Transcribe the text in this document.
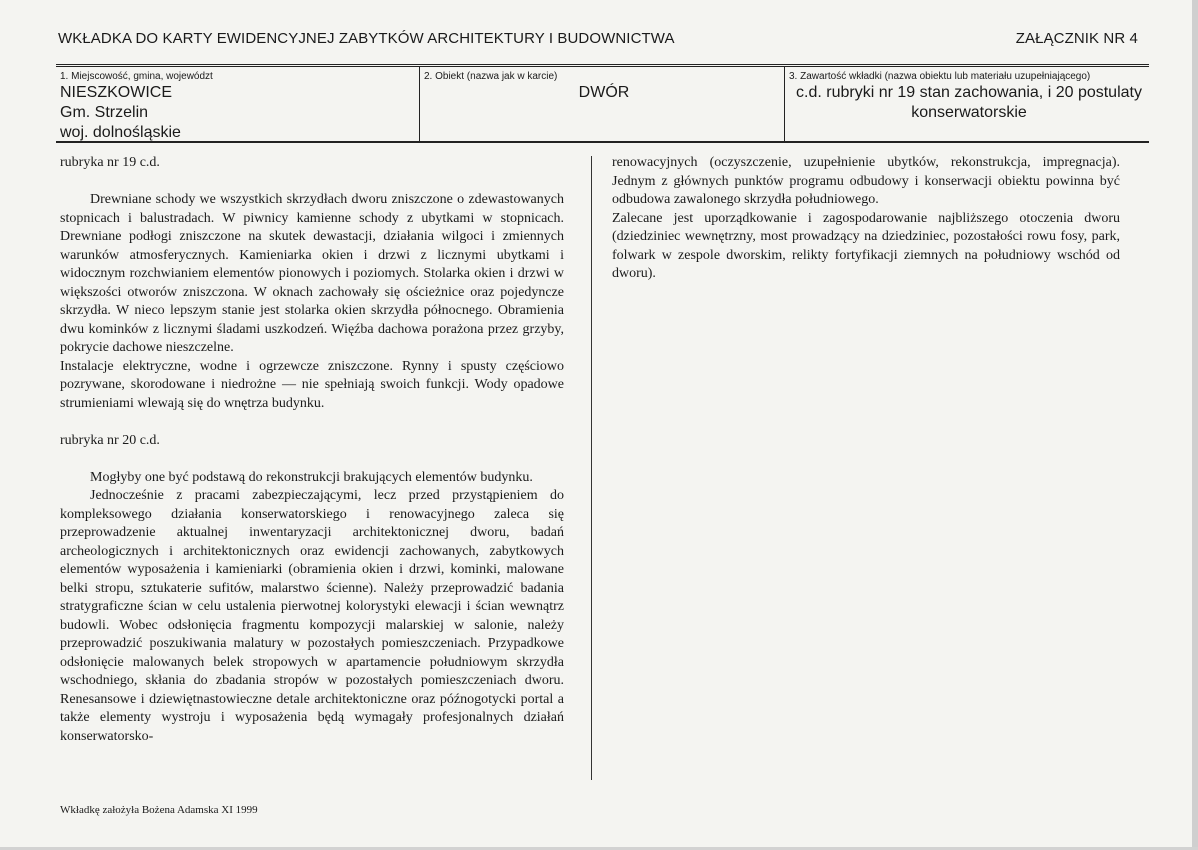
WKŁADKA DO KARTY EWIDENCYJNEJ ZABYTKÓW ARCHITEKTURY I BUDOWNICTWA	ZAŁĄCZNIK NR 4
1. Miejscowość, gmina, województ
NIESZKOWICE
Gm. Strzelin
woj. dolnośląskie
2. Obiekt (nazwa jak w karcie)
DWÓR
3. Zawartość wkładki (nazwa obiektu lub materiału uzupełniającego)
c.d. rubryki nr 19 stan zachowania, i 20 postulaty
konserwatorskie

rubryka nr 19 c.d.

Drewniane schody we wszystkich skrzydłach dworu zniszczone o zdewastowanych stopnicach i balustradach. W piwnicy kamienne schody z ubytkami w stopnicach. Drewniane podłogi zniszczone na skutek dewastacji, działania wilgoci i zmiennych warunków atmosferycznych. Kamieniarka okien i drzwi z licznymi ubytkami i widocznym rozchwianiem elementów pionowych i poziomych. Stolarka okien i drzwi w większości otworów zniszczona. W oknach zachowały się ościeżnice oraz pojedyncze skrzydła. W nieco lepszym stanie jest stolarka okien skrzydła północnego. Obramienia dwu kominków z licznymi śladami uszkodzeń. Więźba dachowa porażona przez grzyby, pokrycie dachowe nieszczelne.

Instalacje elektryczne, wodne i ogrzewcze zniszczone. Rynny i spusty częściowo pozrywane, skorodowane i niedrożne — nie spełniają swoich funkcji. Wody opadowe strumieniami wlewają się do wnętrza budynku.

rubryka nr 20 c.d.

Mogłyby one być podstawą do rekonstrukcji brakujących elementów budynku.

Jednocześnie z pracami zabezpieczającymi, lecz przed przystąpieniem do kompleksowego działania konserwatorskiego i renowacyjnego zaleca się przeprowadzenie aktualnej inwentaryzacji architektonicznej dworu, badań archeologicznych i architektonicznych oraz ewidencji zachowanych, zabytkowych elementów wyposażenia i kamieniarki (obramienia okien i drzwi, kominki, malowane belki stropu, sztukaterie sufitów, malarstwo ścienne). Należy przeprowadzić badania stratygraficzne ścian w celu ustalenia pierwotnej kolorystyki elewacji i ścian wewnątrz budowli. Wobec odsłonięcia fragmentu kompozycji malarskiej w salonie, należy przeprowadzić poszukiwania malatury w pozostałych pomieszczeniach. Przypadkowe odsłonięcie malowanych belek stropowych w apartamencie południowym skrzydła wschodniego, skłania do zbadania stropów w pozostałych pomieszczeniach dworu. Renesansowe i dziewiętnastowieczne detale architektoniczne oraz późnogotycki portal a także elementy wystroju i wyposażenia będą wymagały profesjonalnych działań konserwatorsko-

renowacyjnych (oczyszczenie, uzupełnienie ubytków, rekonstrukcja, impregnacja). Jednym z głównych punktów programu odbudowy i konserwacji obiektu powinna być odbudowa zawalonego skrzydła południowego.

Zalecane jest uporządkowanie i zagospodarowanie najbliższego otoczenia dworu (dziedziniec wewnętrzny, most prowadzący na dziedziniec, pozostałości rowu fosy, park, folwark w zespole dworskim, relikty fortyfikacji ziemnych na południowy wschód od dworu).

Wkładkę założyła Bożena Adamska XI 1999
